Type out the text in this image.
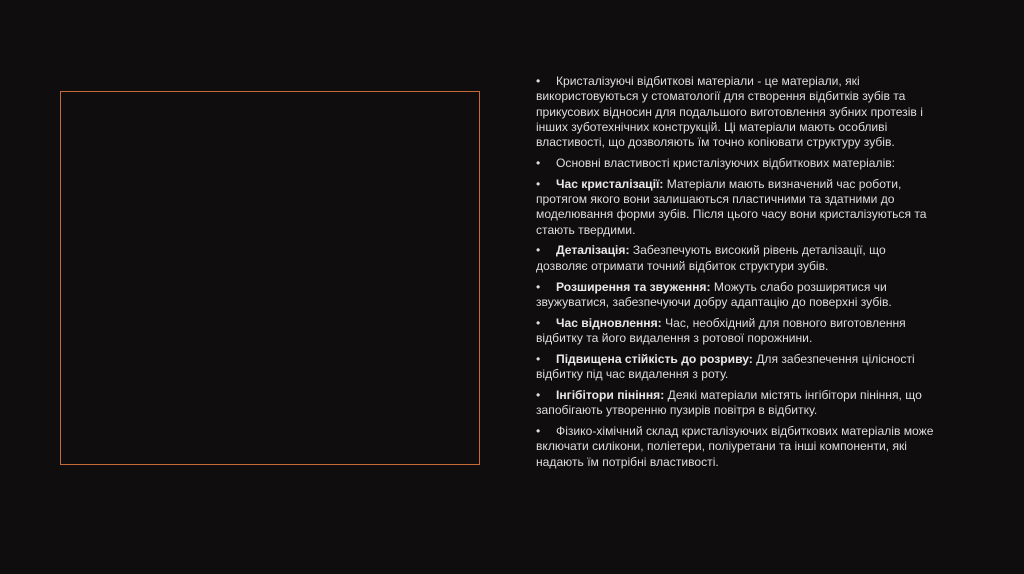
• Кристалізуючі відбиткові матеріали - це матеріали, які використовуються у стоматології для створення відбитків зубів та прикусових відносин для подальшого виготовлення зубних протезів і інших зуботехнічних конструкцій. Ці матеріали мають особливі властивості, що дозволяють їм точно копіювати структуру зубів.

• Основні властивості кристалізуючих відбиткових матеріалів:

• Час кристалізації: Матеріали мають визначений час роботи, протягом якого вони залишаються пластичними та здатними до моделювання форми зубів. Після цього часу вони кристалізуються та стають твердими.

• Деталізація: Забезпечують високий рівень деталізації, що дозволяє отримати точний відбиток структури зубів.

• Розширення та звуження: Можуть слабо розширятися чи звужуватися, забезпечуючи добру адаптацію до поверхні зубів.

• Час відновлення: Час, необхідний для повного виготовлення відбитку та його видалення з ротової порожнини.

• Підвищена стійкість до розриву: Для забезпечення цілісності відбитку під час видалення з роту.

• Інгібітори пініння: Деякі матеріали містять інгібітори пініння, що запобігають утворенню пузирів повітря в відбитку.

• Фізико-хімічний склад кристалізуючих відбиткових матеріалів може включати силікони, поліетери, поліуретани та інші компоненти, які надають їм потрібні властивості.
